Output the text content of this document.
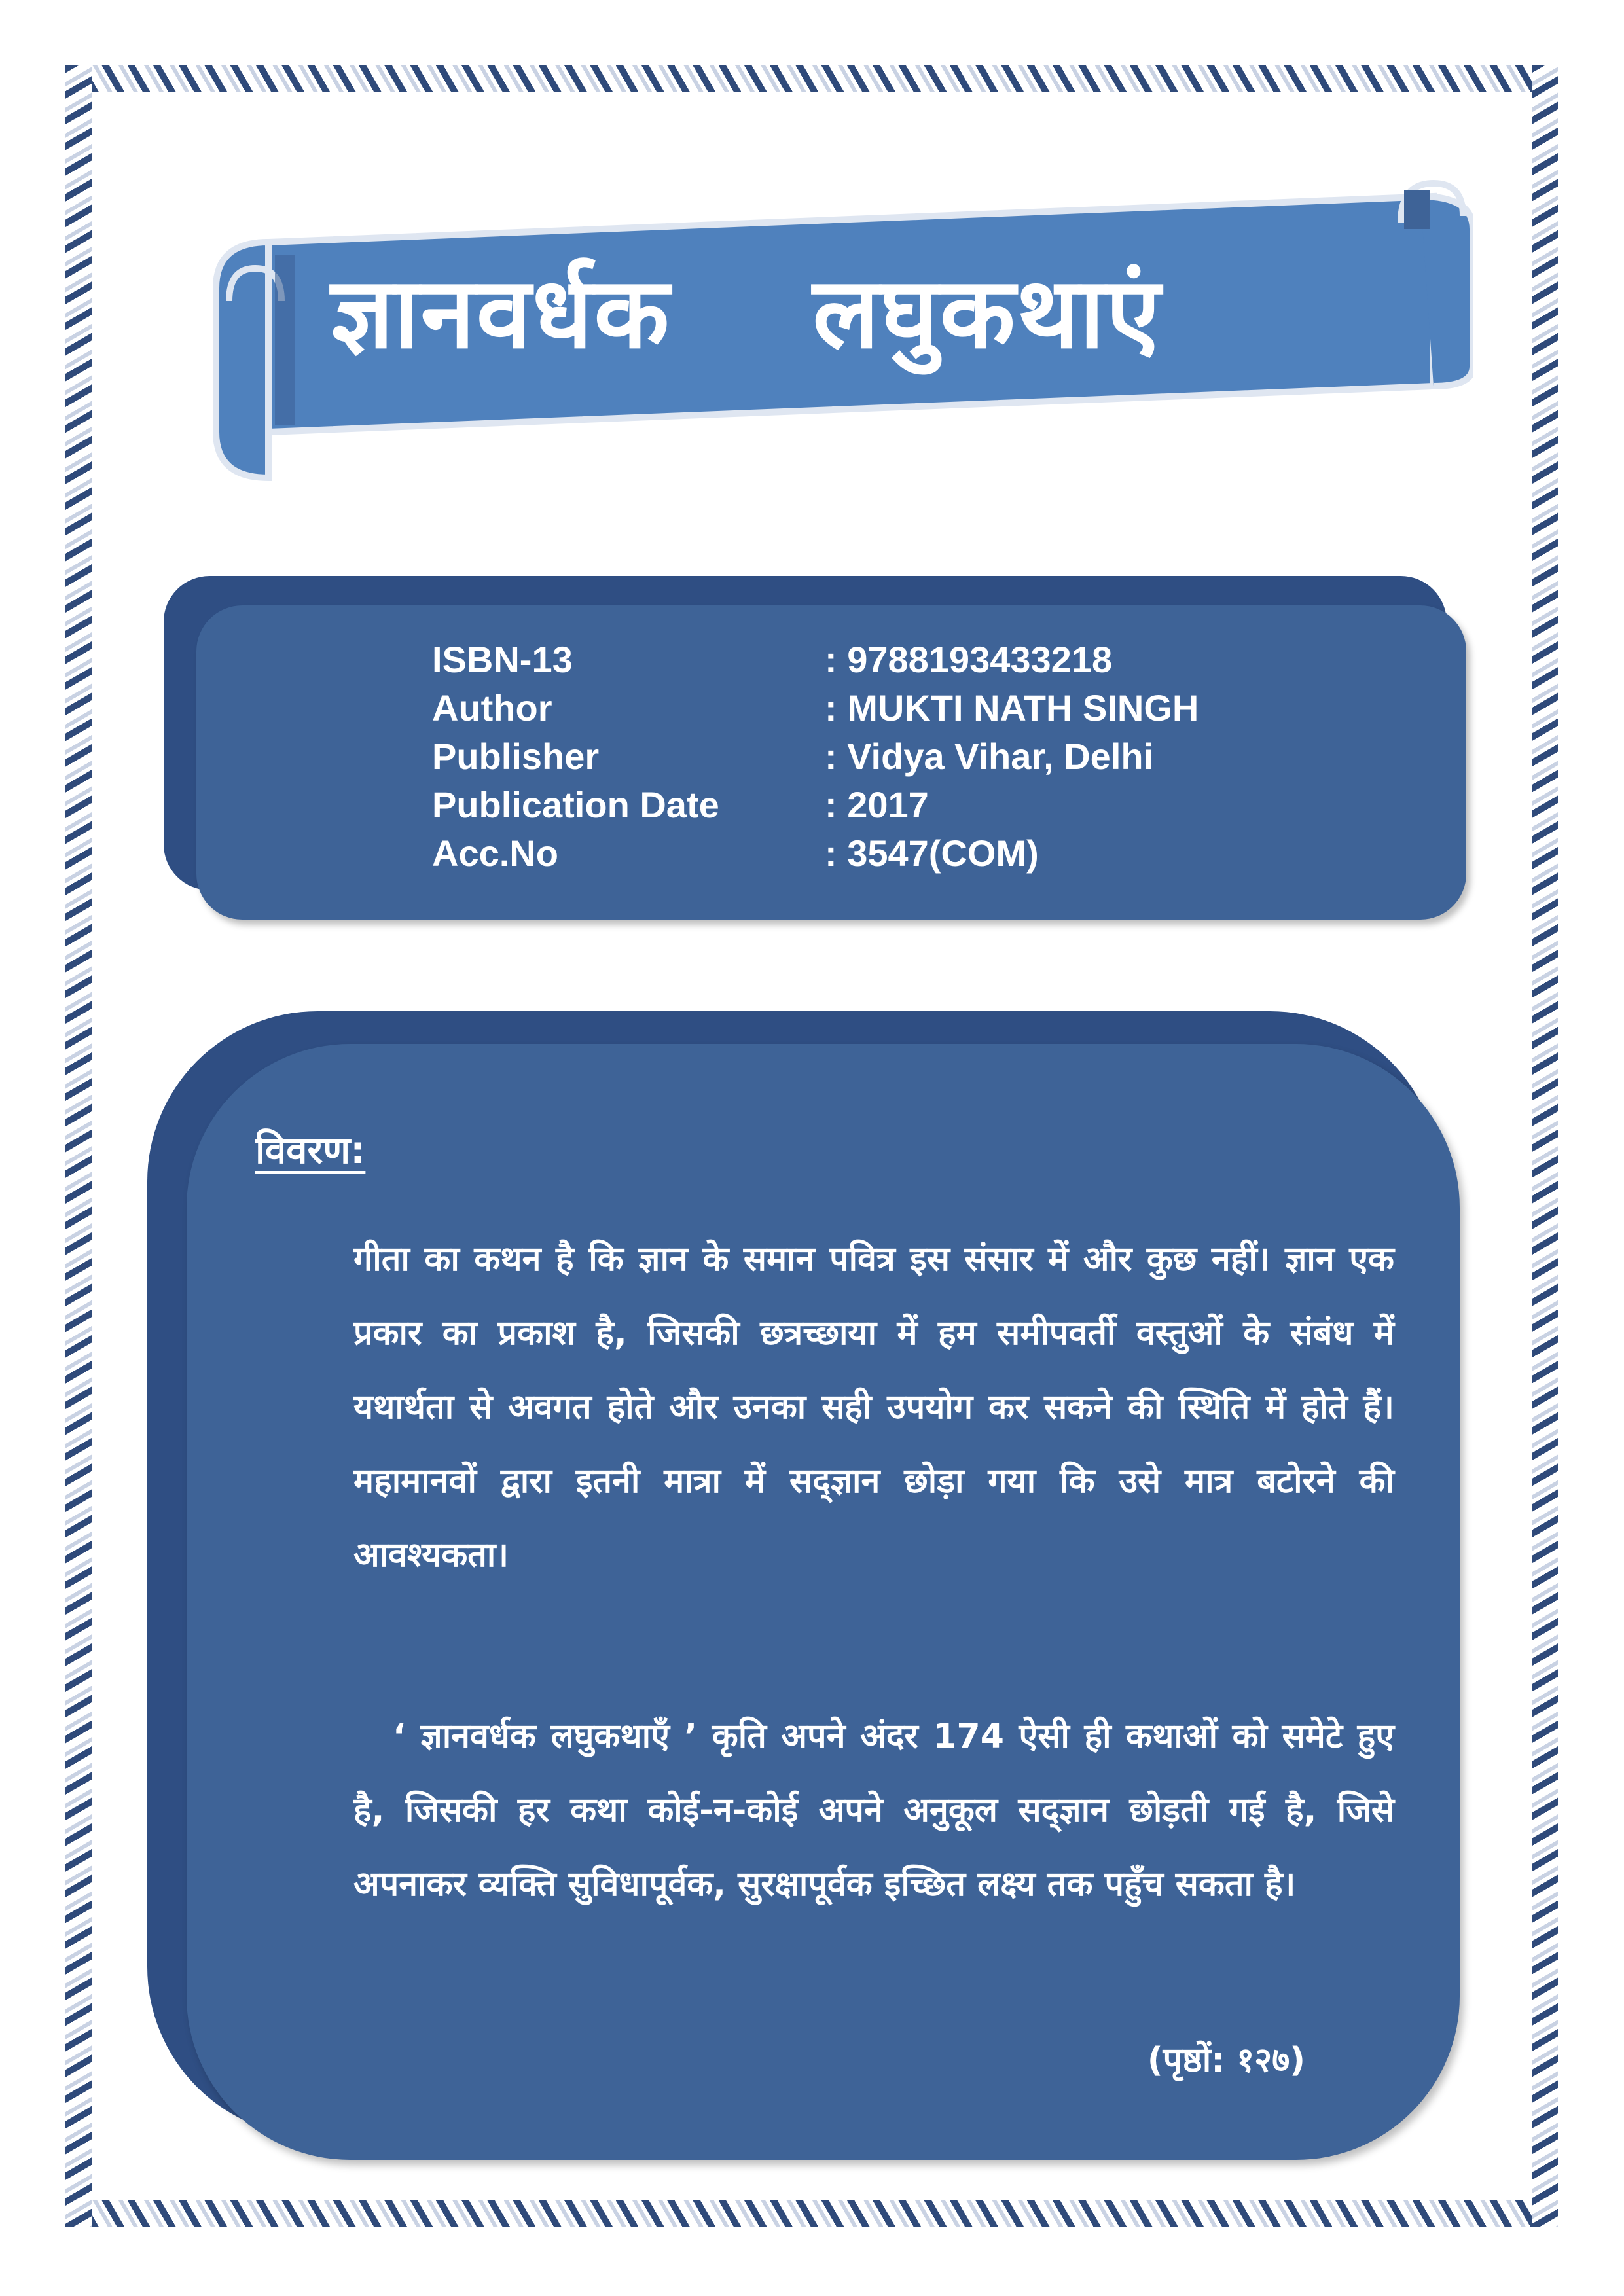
ज्ञानवर्धक    लघुकथाएं
ISBN-13	: 9788193433218
Author	: MUKTI NATH SINGH
Publisher	: Vidya Vihar, Delhi
Publication Date	: 2017
Acc.No	: 3547(COM)
विवरण:

गीता का कथन है कि ज्ञान के समान पवित्र इस संसार में और कुछ नहीं। ज्ञान एक प्रकार का प्रकाश है, जिसकी छत्रच्छाया में हम समीपवर्ती वस्तुओं के संबंध में यथार्थता से अवगत होते और उनका सही उपयोग कर सकने की स्थिति में होते हैं। महामानवों द्वारा इतनी मात्रा में सद्ज्ञान छोड़ा गया कि उसे मात्र बटोरने की आवश्यकता।

‘ ज्ञानवर्धक लघुकथाएँ ’ कृति अपने अंदर 174 ऐसी ही कथाओं को समेटे हुए है, जिसकी हर कथा कोई-न-कोई अपने अनुकूल सद्ज्ञान छोड़ती गई है, जिसे अपनाकर व्यक्ति सुविधापूर्वक, सुरक्षापूर्वक इच्छित लक्ष्य तक पहुँच सकता है।

(पृष्ठों: १२७)
